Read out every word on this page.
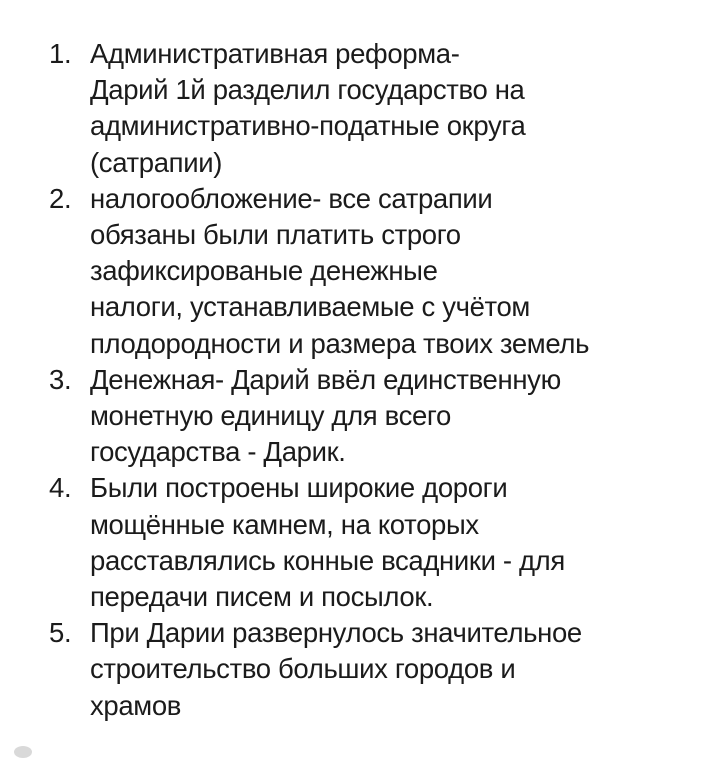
1. Административная реформа-
Дарий 1й разделил государство на
административно-податные округа
(сатрапии)
2. налогообложение- все сатрапии
обязаны были платить строго
зафиксированые денежные
налоги, устанавливаемые с учётом
плодородности и размера твоих земель
3. Денежная- Дарий ввёл единственную
монетную единицу для всего
государства - Дарик.
4. Были построены широкие дороги
мощённые камнем, на которых
расставлялись конные всадники - для
передачи писем и посылок.
5. При Дарии развернулось значительное
строительство больших городов и
храмов
